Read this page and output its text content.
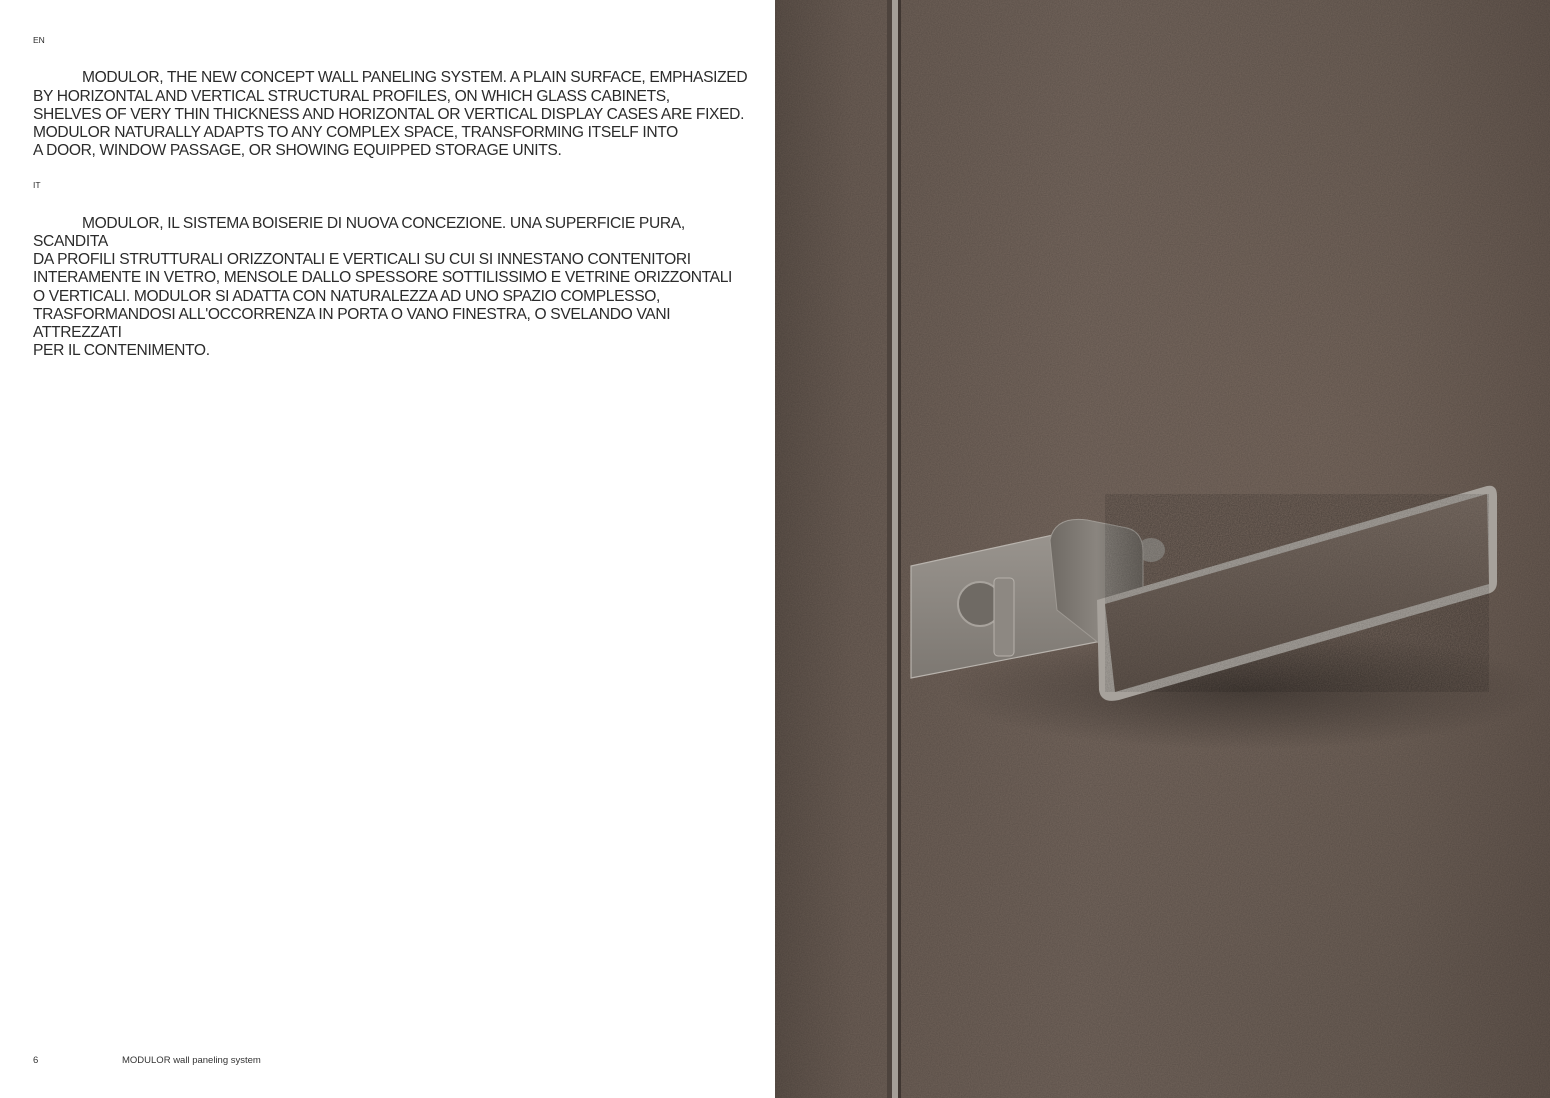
EN

MODULOR, THE NEW CONCEPT WALL PANELING SYSTEM. A PLAIN SURFACE, EMPHASIZED
BY HORIZONTAL AND VERTICAL STRUCTURAL PROFILES, ON WHICH GLASS CABINETS,
SHELVES OF VERY THIN THICKNESS AND HORIZONTAL OR VERTICAL DISPLAY CASES ARE FIXED.
MODULOR NATURALLY ADAPTS TO ANY COMPLEX SPACE, TRANSFORMING ITSELF INTO
A DOOR, WINDOW PASSAGE, OR SHOWING EQUIPPED STORAGE UNITS.

IT

MODULOR, IL SISTEMA BOISERIE DI NUOVA CONCEZIONE. UNA SUPERFICIE PURA, SCANDITA
DA PROFILI STRUTTURALI ORIZZONTALI E VERTICALI SU CUI SI INNESTANO CONTENITORI
INTERAMENTE IN VETRO, MENSOLE DALLO SPESSORE SOTTILISSIMO E VETRINE ORIZZONTALI
O VERTICALI. MODULOR SI ADATTA CON NATURALEZZA AD UNO SPAZIO COMPLESSO,
TRASFORMANDOSI ALL'OCCORRENZA IN PORTA O VANO FINESTRA, O SVELANDO VANI ATTREZZATI
PER IL CONTENIMENTO.

6	MODULOR wall paneling system
